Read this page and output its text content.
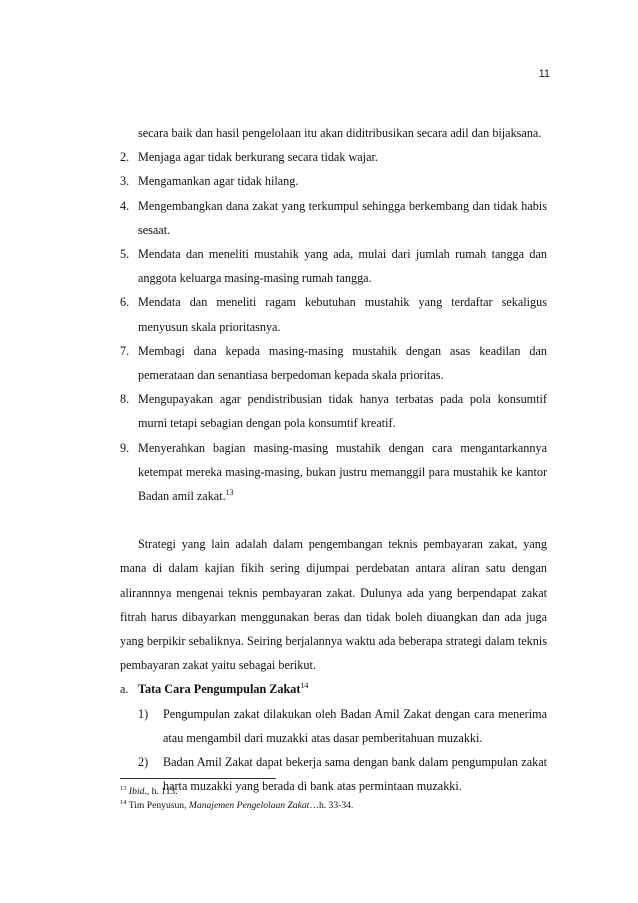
11

secara baik dan hasil pengelolaan itu akan diditribusikan secara adil dan bijaksana.

2. Menjaga agar tidak berkurang secara tidak wajar.
3. Mengamankan agar tidak hilang.
4. Mengembangkan dana zakat yang terkumpul sehingga berkembang dan tidak habis sesaat.
5. Mendata dan meneliti mustahik yang ada, mulai dari jumlah rumah tangga dan anggota keluarga masing-masing rumah tangga.
6. Mendata dan meneliti ragam kebutuhan mustahik yang terdaftar sekaligus menyusun skala prioritasnya.
7. Membagi dana kepada masing-masing mustahik dengan asas keadilan dan pemerataan dan senantiasa berpedoman kepada skala prioritas.
8. Mengupayakan agar pendistribusian tidak hanya terbatas pada pola konsumtif murni tetapi sebagian dengan pola konsumtif kreatif.
9. Menyerahkan bagian masing-masing mustahik dengan cara mengantarkannya ketempat mereka masing-masing, bukan justru memanggil para mustahik ke kantor Badan amil zakat.$^{13}$

Strategi yang lain adalah dalam pengembangan teknis pembayaran zakat, yang mana di dalam kajian fikih sering dijumpai perdebatan antara aliran satu dengan alirannnya mengenai teknis pembayaran zakat. Dulunya ada yang berpendapat zakat fitrah harus dibayarkan menggunakan beras dan tidak boleh diuangkan dan ada juga yang berpikir sebaliknya. Seiring berjalannya waktu ada beberapa strategi dalam teknis pembayaran zakat yaitu sebagai berikut.

a. Tata Cara Pengumpulan Zakat$^{14}$
1) Pengumpulan zakat dilakukan oleh Badan Amil Zakat dengan cara menerima atau mengambil dari muzakki atas dasar pemberitahuan muzakki.
2) Badan Amil Zakat dapat bekerja sama dengan bank dalam pengumpulan zakat harta muzakki yang berada di bank atas permintaan muzakki.
$^{13}$ Ibid., h. 113.
$^{14}$ Tim Penyusun, Manajemen Pengelolaan Zakat…h. 33-34.
